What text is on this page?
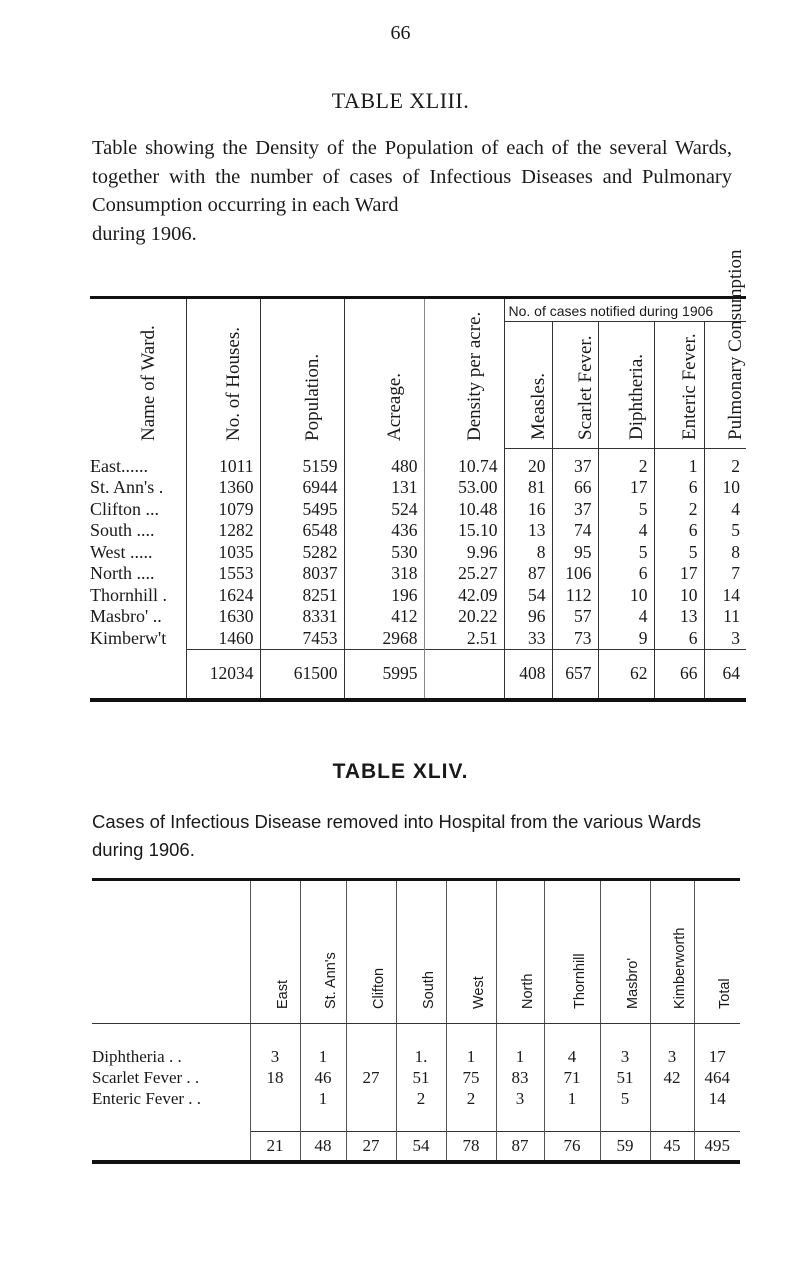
66
TABLE XLIII.
Table showing the Density of the Population of each of the several Wards, together with the number of cases of Infectious Diseases and Pulmonary Consumption occurring in each Ward
during 1906.
Name of Ward.	No. of Houses.	Population.	Acreage.	Density per acre.	No. of cases notified during 1906				

					Measles.	Scarlet Fever.	Diphtheria.	Enteric Fever.	Pulmonary Consumption

East......	1011	5159	480	10.74	20	37	2	1	2
St. Ann's .	1360	6944	131	53.00	81	66	17	6	10
Clifton ...	1079	5495	524	10.48	16	37	5	2	4
South ....	1282	6548	436	15.10	13	74	4	6	5
West .....	1035	5282	530	9.96	8	95	5	5	8
North ....	1553	8037	318	25.27	87	106	6	17	7
Thornhill .	1624	8251	196	42.09	54	112	10	10	14
Masbro' ..	1630	8331	412	20.22	96	57	4	13	11
Kimberw't	1460	7453	2968	2.51	33	73	9	6	3
	12034	61500	5995		408	657	62	66	64
TABLE XLIV.
Cases of Infectious Disease removed into Hospital from the various Wards during 1906.

	East	St. Ann's	Clifton	South	West	North	Thornhill	Masbro'	Kimberworth	Total

Diphtheria . .	3	1		1.	1	1	4	3	3	17
Scarlet Fever . .	18	46	27	51	75	83	71	51	42	464
Enteric Fever . .		1		2	2	3	1	5		14

	21	48	27	54	78	87	76	59	45	495
